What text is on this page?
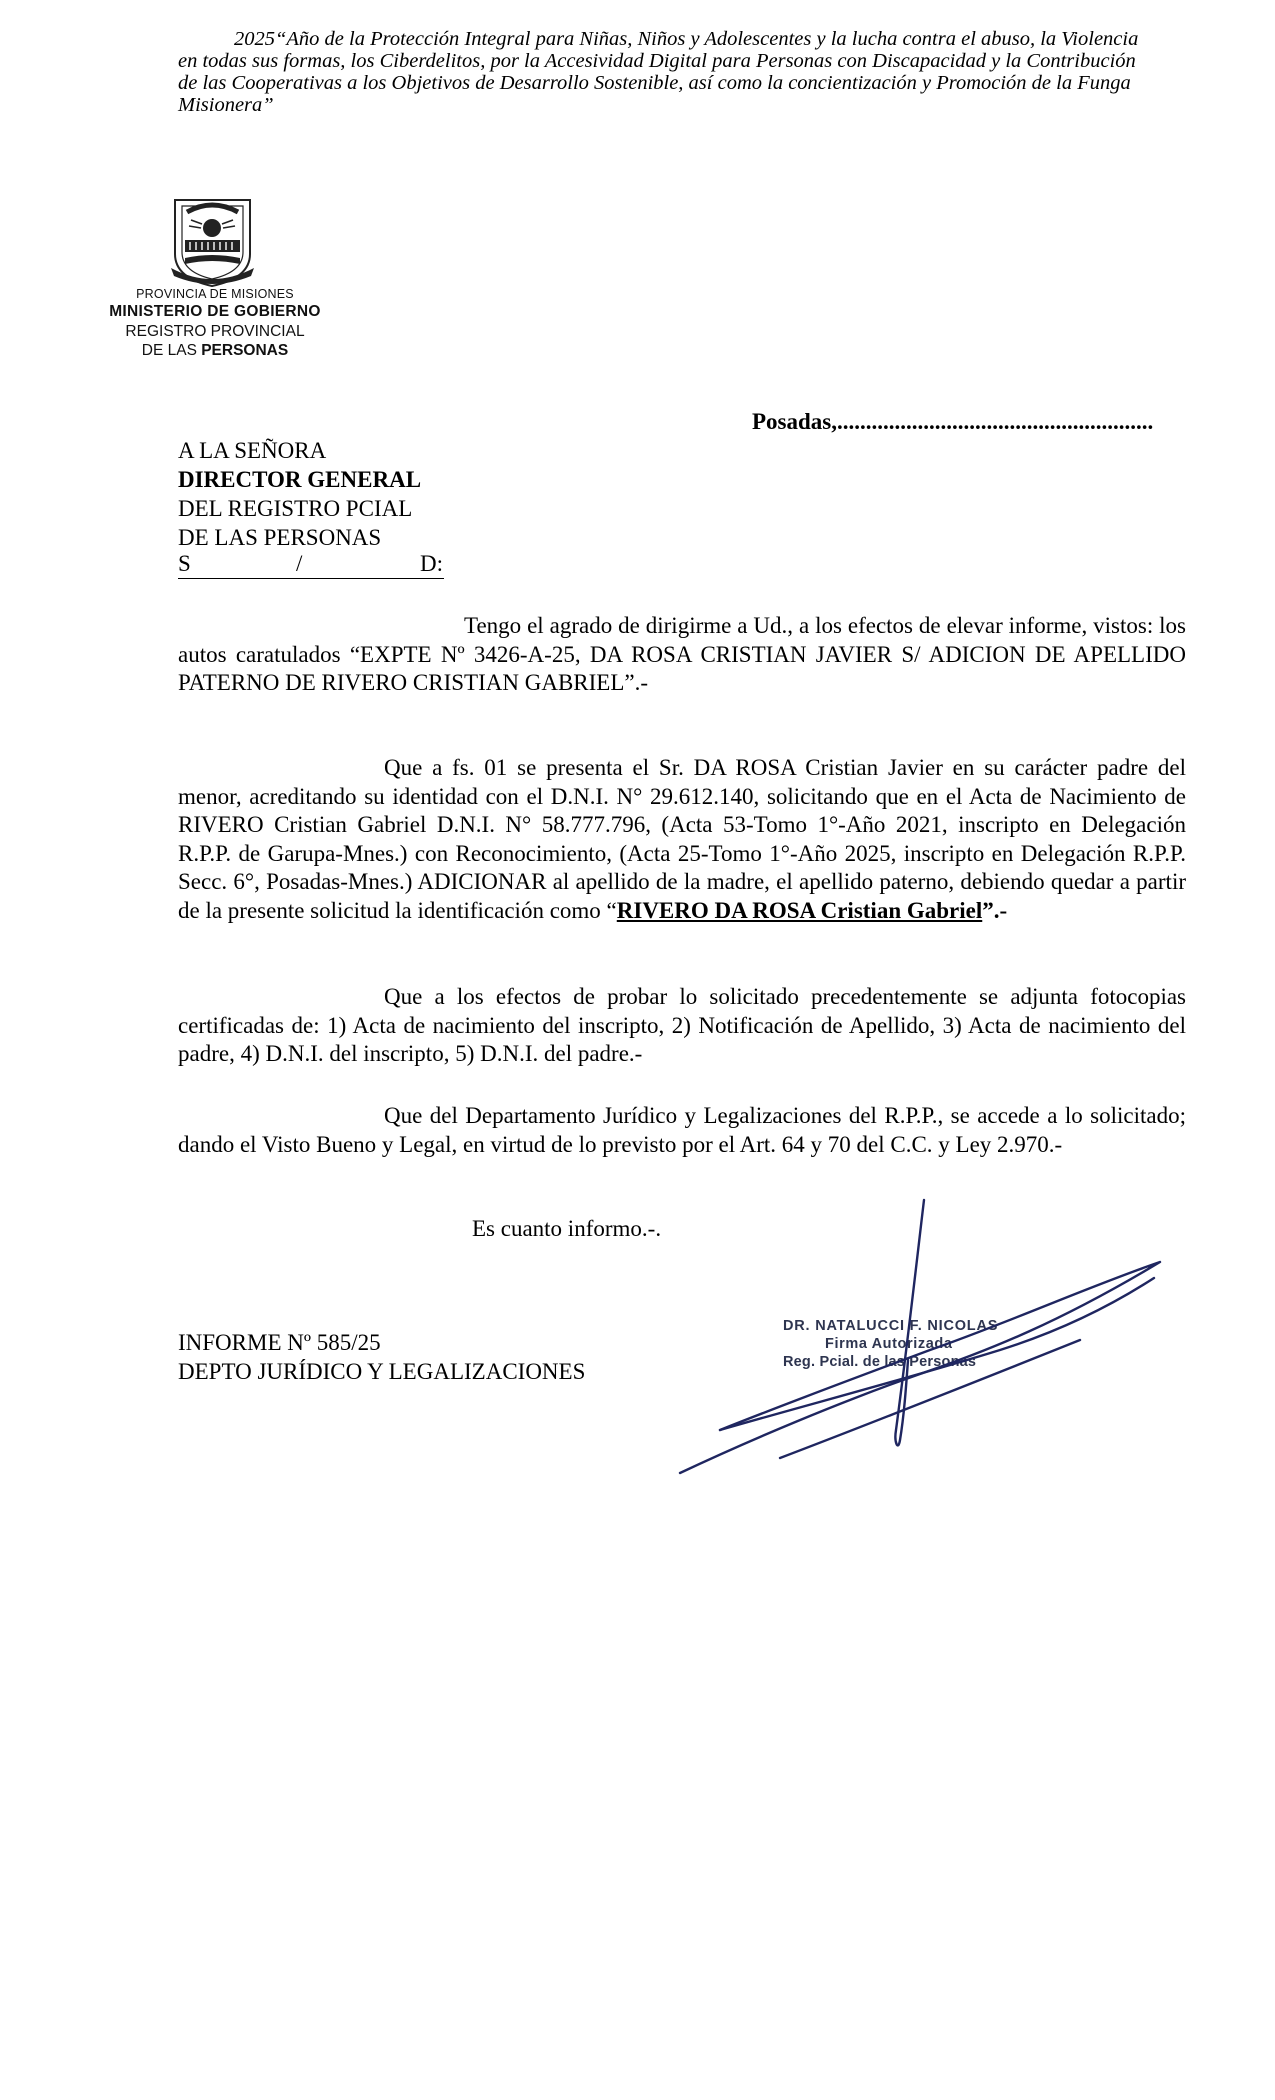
2025“Año de la Protección Integral para Niñas, Niños y Adolescentes y la lucha contra el abuso, la Violencia
en todas sus formas, los Ciberdelitos, por la Accesividad Digital para Personas con Discapacidad y la Contribución
de las Cooperativas a los Objetivos de Desarrollo Sostenible, así como la concientización y Promoción de la Funga
Misionera”
PROVINCIA DE MISIONES
MINISTERIO DE GOBIERNO
REGISTRO PROVINCIAL
DE LAS PERSONAS
Posadas,.......................................................
A LA SEÑORA
DIRECTOR GENERAL
DEL REGISTRO PCIAL
DE LAS PERSONAS
S	/	D:
Tengo el agrado de dirigirme a Ud., a los efectos de elevar informe, vistos: los autos caratulados “EXPTE Nº 3426-A-25, DA ROSA CRISTIAN JAVIER S/ ADICION DE APELLIDO PATERNO DE RIVERO CRISTIAN GABRIEL”.-
Que a fs. 01 se presenta el Sr. DA ROSA Cristian Javier en su carácter padre del menor, acreditando su identidad con el D.N.I. N° 29.612.140, solicitando que en el Acta de Nacimiento de RIVERO Cristian Gabriel D.N.I. N° 58.777.796, (Acta 53-Tomo 1°-Año 2021, inscripto en Delegación R.P.P. de Garupa-Mnes.) con Reconocimiento, (Acta 25-Tomo 1°-Año 2025, inscripto en Delegación R.P.P. Secc. 6°, Posadas-Mnes.) ADICIONAR al apellido de la madre, el apellido paterno, debiendo quedar a partir de la presente solicitud la identificación como “RIVERO DA ROSA Cristian Gabriel”.-
Que a los efectos de probar lo solicitado precedentemente se adjunta fotocopias certificadas de: 1) Acta de nacimiento del inscripto, 2) Notificación de Apellido, 3) Acta de nacimiento del padre, 4) D.N.I. del inscripto, 5) D.N.I. del padre.-
Que del Departamento Jurídico y Legalizaciones del R.P.P., se accede a lo solicitado; dando el Visto Bueno y Legal, en virtud de lo previsto por el Art. 64 y 70 del C.C. y Ley 2.970.-
Es cuanto informo.-.
INFORME Nº 585/25
DEPTO JURÍDICO Y LEGALIZACIONES
DR. NATALUCCI F. NICOLAS
Firma Autorizada
Reg. Pcial. de las Personas
